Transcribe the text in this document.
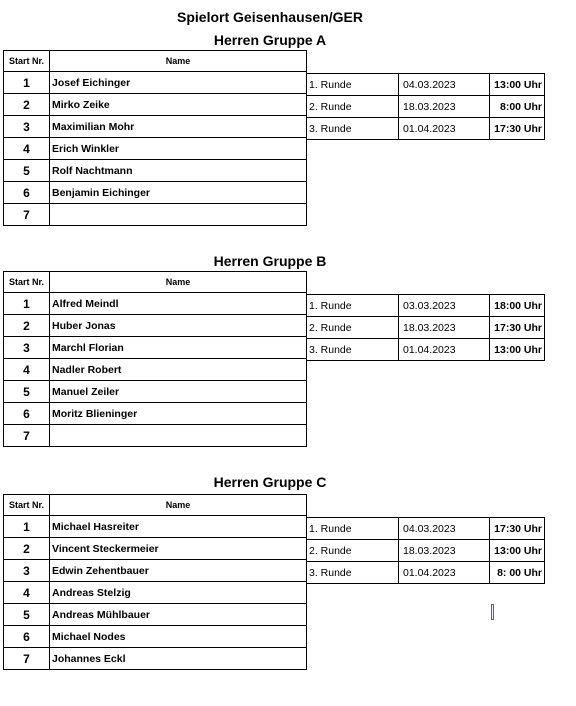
Spielort Geisenhausen/GER
Herren Gruppe A
Start Nr.	Name
1	Josef Eichinger
2	Mirko Zeike
3	Maximilian Mohr
4	Erich Winkler
5	Rolf Nachtmann
6	Benjamin Eichinger
7	
1. Runde	04.03.2023	13:00 Uhr
2. Runde	18.03.2023	8:00 Uhr
3. Runde	01.04.2023	17:30 Uhr
Herren Gruppe B
Start Nr.	Name
1	Alfred Meindl
2	Huber Jonas
3	Marchl Florian
4	Nadler Robert
5	Manuel Zeiler
6	Moritz Blieninger
7	
1. Runde	03.03.2023	18:00 Uhr
2. Runde	18.03.2023	17:30 Uhr
3. Runde	01.04.2023	13:00 Uhr
Herren Gruppe C
Start Nr.	Name
1	Michael Hasreiter
2	Vincent Steckermeier
3	Edwin Zehentbauer
4	Andreas Stelzig
5	Andreas Mühlbauer
6	Michael Nodes
7	Johannes Eckl
1. Runde	04.03.2023	17:30 Uhr
2. Runde	18.03.2023	13:00 Uhr
3. Runde	01.04.2023	8: 00 Uhr
